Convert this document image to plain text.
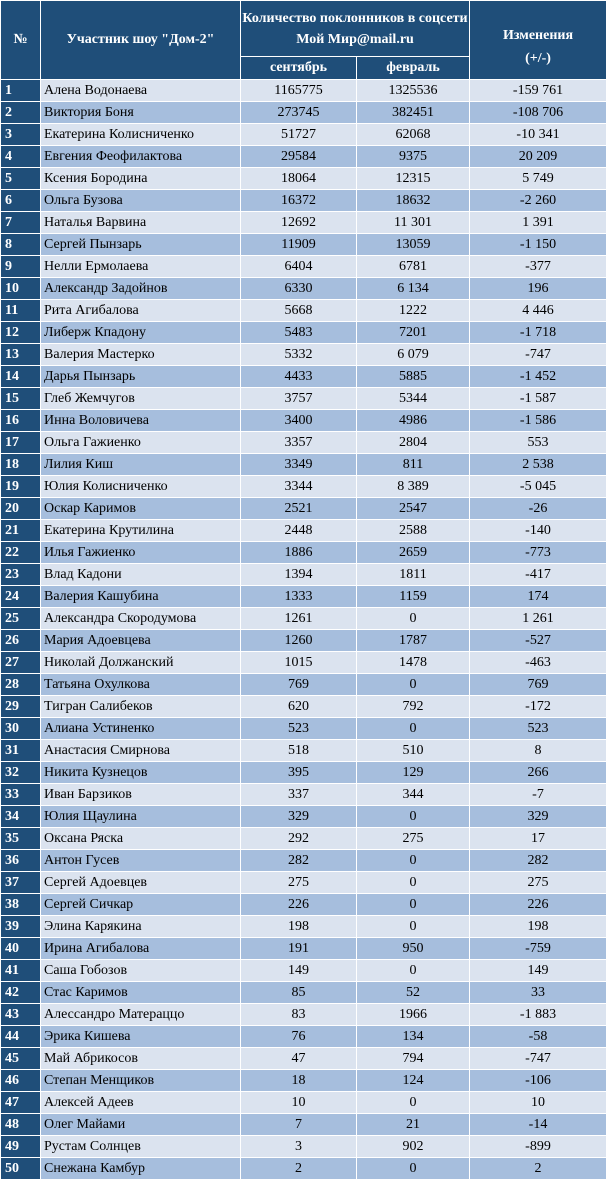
№	Участник шоу "Дом-2"	Количество поклонников в соцсети Мой Мир@mail.ru		Изменения
(+/-)

		сентябрь	февраль	
1	Алена Водонаева	1165775	1325536	-159 761
2	Виктория Боня	273745	382451	-108 706
3	Екатерина Колисниченко	51727	62068	-10 341
4	Евгения Феофилактова	29584	9375	20 209
5	Ксения Бородина	18064	12315	5 749
6	Ольга Бузова	16372	18632	-2 260
7	Наталья Варвина	12692	11 301	1 391
8	Сергей Пынзарь	11909	13059	-1 150
9	Нелли Ермолаева	6404	6781	-377
10	Александр Задойнов	6330	6 134	196
11	Рита Агибалова	5668	1222	4 446
12	Либерж Кпадону	5483	7201	-1 718
13	Валерия Мастерко	5332	6 079	-747
14	Дарья Пынзарь	4433	5885	-1 452
15	Глеб Жемчугов	3757	5344	-1 587
16	Инна Воловичева	3400	4986	-1 586
17	Ольга Гажиенко	3357	2804	553
18	Лилия Киш	3349	811	2 538
19	Юлия Колисниченко	3344	8 389	-5 045
20	Оскар Каримов	2521	2547	-26
21	Екатерина Крутилина	2448	2588	-140
22	Илья Гажиенко	1886	2659	-773
23	Влад Кадони	1394	1811	-417
24	Валерия Кашубина	1333	1159	174
25	Александра Скородумова	1261	0	1 261
26	Мария Адоевцева	1260	1787	-527
27	Николай Должанский	1015	1478	-463
28	Татьяна Охулкова	769	0	769
29	Тигран Салибеков	620	792	-172
30	Алиана Устиненко	523	0	523
31	Анастасия Смирнова	518	510	8
32	Никита Кузнецов	395	129	266
33	Иван Барзиков	337	344	-7
34	Юлия Щаулина	329	0	329
35	Оксана Ряска	292	275	17
36	Антон Гусев	282	0	282
37	Сергей Адоевцев	275	0	275
38	Сергей Сичкар	226	0	226
39	Элина Карякина	198	0	198
40	Ирина Агибалова	191	950	-759
41	Саша Гобозов	149	0	149
42	Стас Каримов	85	52	33
43	Алессандро Матераццо	83	1966	-1 883
44	Эрика Кишева	76	134	-58
45	Май Абрикосов	47	794	-747
46	Степан Менщиков	18	124	-106
47	Алексей Адеев	10	0	10
48	Олег Майами	7	21	-14
49	Рустам Солнцев	3	902	-899
50	Снежана Камбур	2	0	2
